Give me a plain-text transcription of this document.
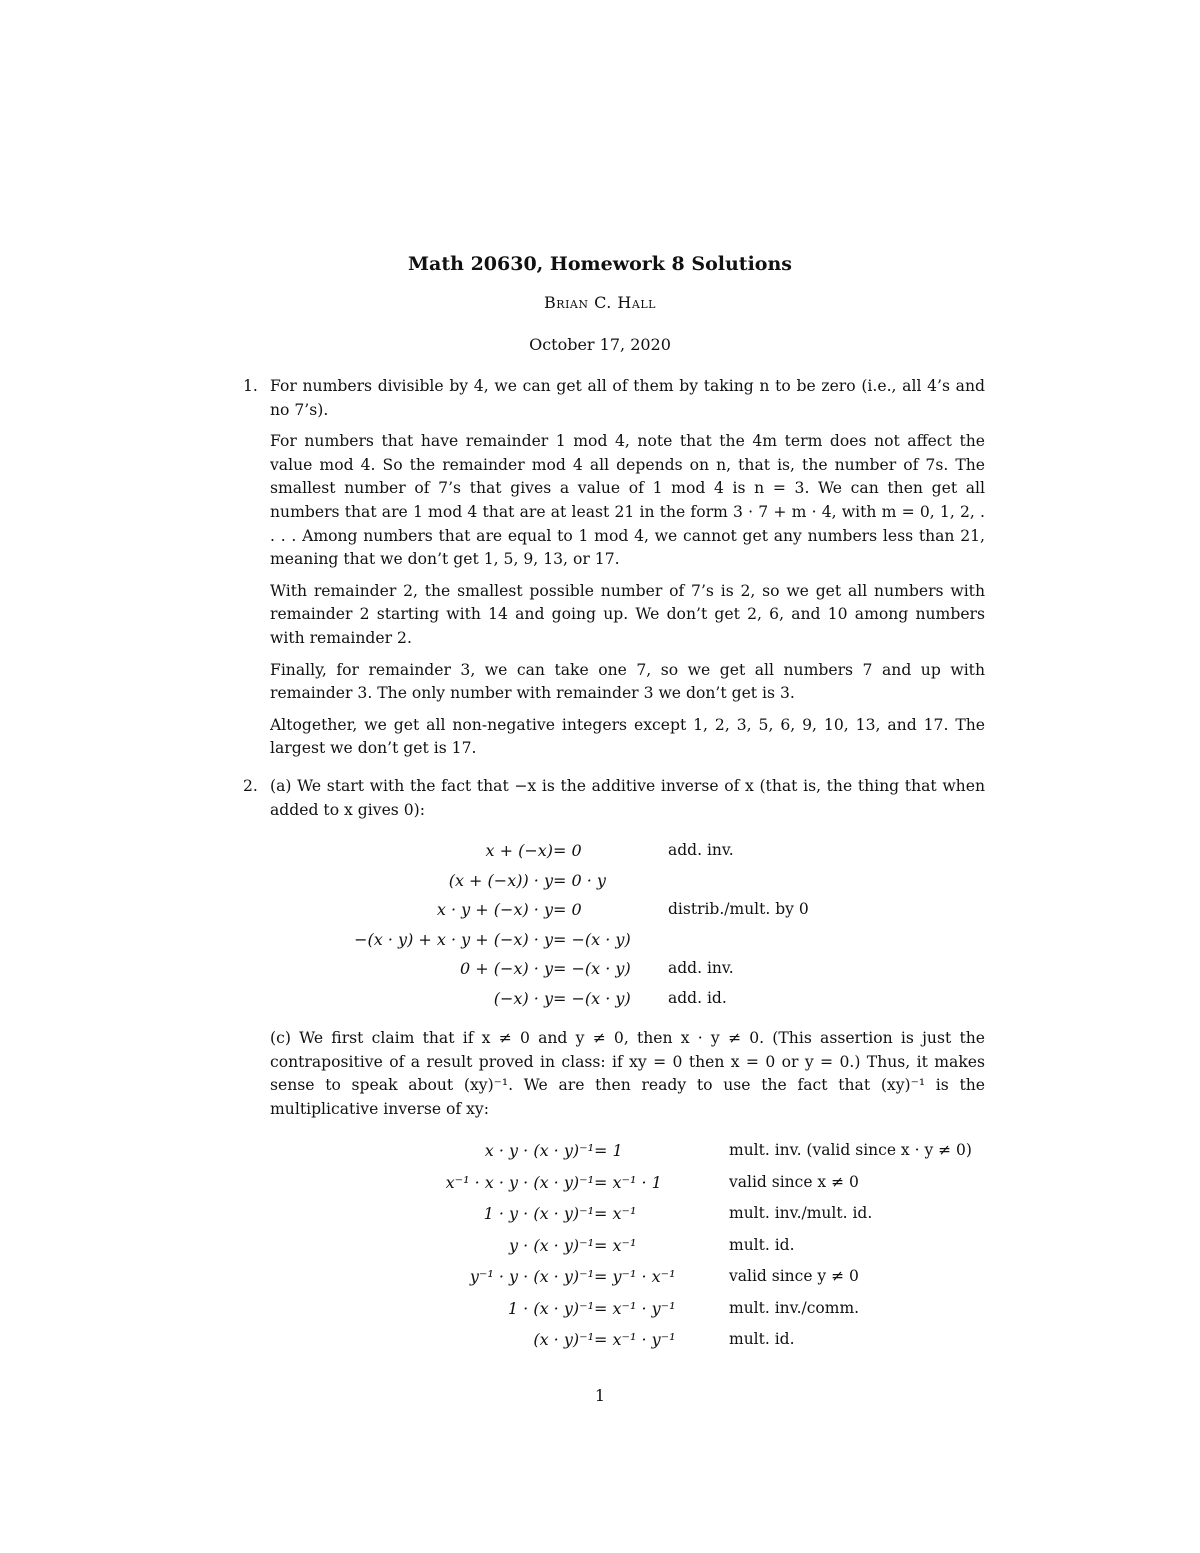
Math 20630, Homework 8 Solutions
Brian C. Hall
October 17, 2020
1. For numbers divisible by 4, we can get all of them by taking n to be zero (i.e., all 4’s and no 7’s).

For numbers that have remainder 1 mod 4, note that the 4m term does not affect the value mod 4. So the remainder mod 4 all depends on n, that is, the number of 7s. The smallest number of 7’s that gives a value of 1 mod 4 is n = 3. We can then get all numbers that are 1 mod 4 that are at least 21 in the form 3 · 7 + m · 4, with m = 0, 1, 2, . . . . Among numbers that are equal to 1 mod 4, we cannot get any numbers less than 21, meaning that we don’t get 1, 5, 9, 13, or 17.

With remainder 2, the smallest possible number of 7’s is 2, so we get all numbers with remainder 2 starting with 14 and going up. We don’t get 2, 6, and 10 among numbers with remainder 2.

Finally, for remainder 3, we can take one 7, so we get all numbers 7 and up with remainder 3. The only number with remainder 3 we don’t get is 3.

Altogether, we get all non-negative integers except 1, 2, 3, 5, 6, 9, 10, 13, and 17. The largest we don’t get is 17.

2. (a) We start with the fact that −x is the additive inverse of x (that is, the thing that when added to x gives 0):

x + (−x) = 0	add. inv.
(x + (−x)) · y = 0 · y
x · y + (−x) · y = 0	distrib./mult. by 0
−(x · y) + x · y + (−x) · y = −(x · y)
0 + (−x) · y = −(x · y)	add. inv.
(−x) · y = −(x · y)	add. id.

(c) We first claim that if x ≠ 0 and y ≠ 0, then x · y ≠ 0. (This assertion is just the contrapositive of a result proved in class: if xy = 0 then x = 0 or y = 0.) Thus, it makes sense to speak about (xy)⁻¹. We are then ready to use the fact that (xy)⁻¹ is the multiplicative inverse of xy:

x · y · (x · y)⁻¹ = 1	mult. inv. (valid since x · y ≠ 0)
x⁻¹ · x · y · (x · y)⁻¹ = x⁻¹ · 1	valid since x ≠ 0
1 · y · (x · y)⁻¹ = x⁻¹	mult. inv./mult. id.
y · (x · y)⁻¹ = x⁻¹	mult. id.
y⁻¹ · y · (x · y)⁻¹ = y⁻¹ · x⁻¹	valid since y ≠ 0
1 · (x · y)⁻¹ = x⁻¹ · y⁻¹	mult. inv./comm.
(x · y)⁻¹ = x⁻¹ · y⁻¹	mult. id.
1
